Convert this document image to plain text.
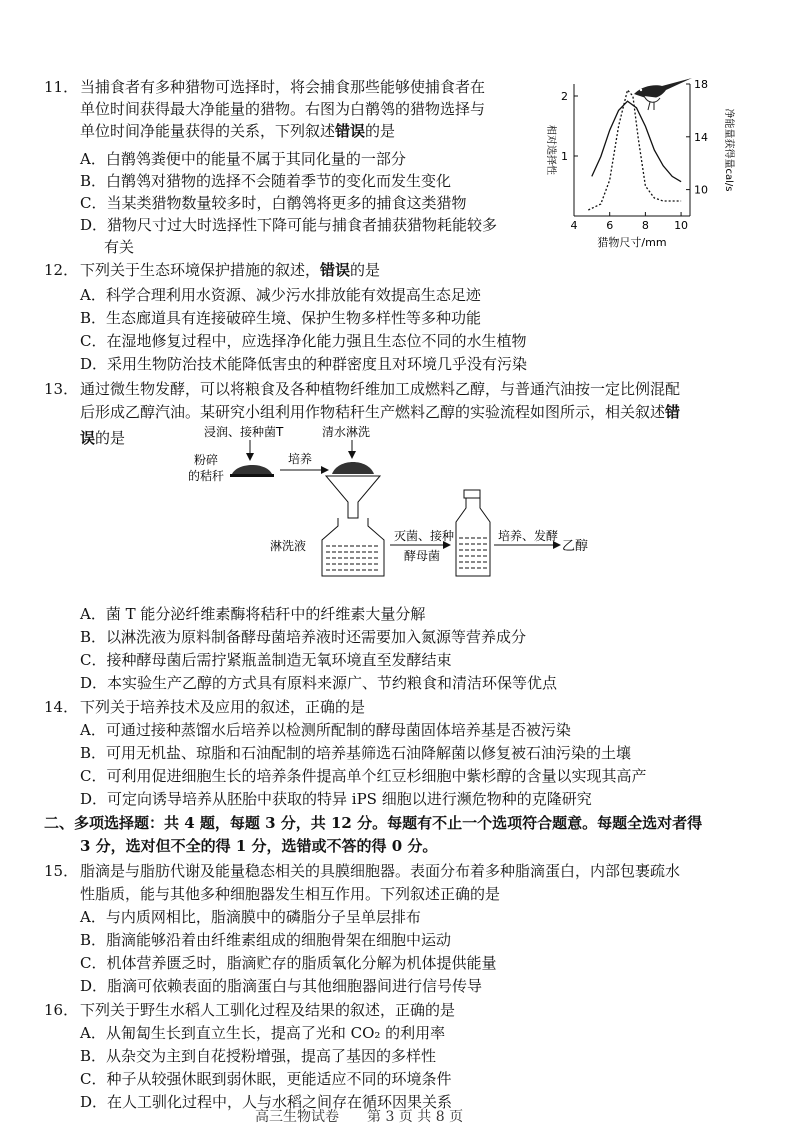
11． 当捕食者有多种猎物可选择时，将会捕食那些能够使捕食者在
单位时间获得最大净能量的猎物。右图为白鹡鸰的猎物选择与
单位时间净能量获得的关系，下列叙述错误的是
A．白鹡鸰粪便中的能量不属于其同化量的一部分
B．白鹡鸰对猎物的选择不会随着季节的变化而发生变化
C．当某类猎物数量较多时，白鹡鸰将更多的捕食这类猎物
D．猎物尺寸过大时选择性下降可能与捕食者捕获猎物耗能较多
有关
4	6	8 10
1
2
10
14
18
猎物尺寸/mm
相对选择性	净能量获得量cal/s
12． 下列关于生态环境保护措施的叙述，错误的是
A．科学合理利用水资源、减少污水排放能有效提高生态足迹
B．生态廊道具有连接破碎生境、保护生物多样性等多种功能
C．在湿地修复过程中，应选择净化能力强且生态位不同的水生植物
D．采用生物防治技术能降低害虫的种群密度且对环境几乎没有污染
13． 通过微生物发酵，可以将粮食及各种植物纤维加工成燃料乙醇，与普通汽油按一定比例混配
后形成乙醇汽油。某研究小组利用作物秸秆生产燃料乙醇的实验流程如图所示，相关叙述错
误的是	浸润、接种菌T	清水淋洗
粉碎
的秸秆
培养
淋洗液
灭菌、接种
酵母菌
培养、发酵
乙醇
A．菌 T 能分泌纤维素酶将秸秆中的纤维素大量分解
B．以淋洗液为原料制备酵母菌培养液时还需要加入氮源等营养成分
C．接种酵母菌后需拧紧瓶盖制造无氧环境直至发酵结束
D．本实验生产乙醇的方式具有原料来源广、节约粮食和清洁环保等优点
14． 下列关于培养技术及应用的叙述，正确的是
A．可通过接种蒸馏水后培养以检测所配制的酵母菌固体培养基是否被污染
B．可用无机盐、琼脂和石油配制的培养基筛选石油降解菌以修复被石油污染的土壤
C．可利用促进细胞生长的培养条件提高单个红豆杉细胞中紫杉醇的含量以实现其高产
D．可定向诱导培养从胚胎中获取的特异 iPS 细胞以进行濒危物种的克隆研究
二、多项选择题：共 4 题，每题 3 分，共 12 分。每题有不止一个选项符合题意。每题全选对者得
3 分，选对但不全的得 1 分，选错或不答的得 0 分。
15． 脂滴是与脂肪代谢及能量稳态相关的具膜细胞器。表面分布着多种脂滴蛋白，内部包裹疏水
性脂质，能与其他多种细胞器发生相互作用。下列叙述正确的是
A．与内质网相比，脂滴膜中的磷脂分子呈单层排布
B．脂滴能够沿着由纤维素组成的细胞骨架在细胞中运动
C．机体营养匮乏时，脂滴贮存的脂质氧化分解为机体提供能量
D．脂滴可依赖表面的脂滴蛋白与其他细胞器间进行信号传导
16． 下列关于野生水稻人工驯化过程及结果的叙述，正确的是
A．从匍匐生长到直立生长，提高了光和 CO₂ 的利用率
B．从杂交为主到自花授粉增强，提高了基因的多样性
C．种子从较强休眠到弱休眠，更能适应不同的环境条件
D．在人工驯化过程中，人与水稻之间存在循环因果关系
高三生物试卷　　第 3 页 共 8 页
